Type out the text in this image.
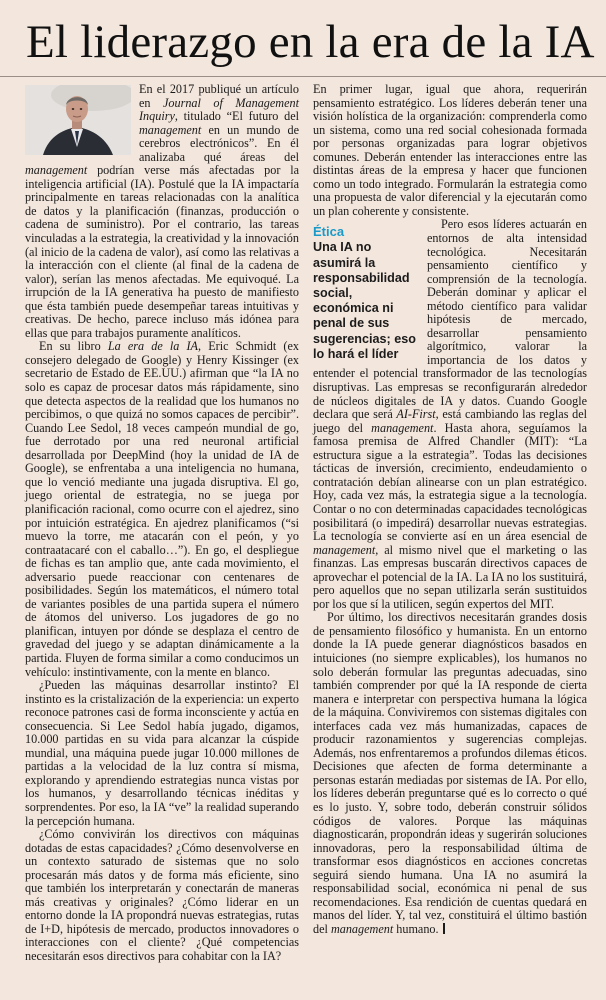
El liderazgo en la era de la IA

En el 2017 publiqué un artículo en Journal of Management Inquiry, titulado “El futuro del management en un mundo de cerebros electrónicos”. En él analizaba qué áreas del management podrían verse más afectadas por la inteligencia artificial (IA). Postulé que la IA impactaría principalmente en tareas relacionadas con la analítica de datos y la planificación (finanzas, producción o cadena de suministro). Por el contrario, las tareas vinculadas a la estrategia, la creatividad y la innovación (al inicio de la cadena de valor), así como las relativas a la interacción con el cliente (al final de la cadena de valor), serían las menos afectadas. Me equivoqué. La irrupción de la IA generativa ha puesto de manifiesto que ésta también puede desempeñar tareas intuitivas y creativas. De hecho, parece incluso más idónea para ellas que para trabajos puramente analíticos.

En su libro La era de la IA, Eric Schmidt (ex consejero delegado de Google) y Henry Kissinger (ex secretario de Estado de EE.UU.) afirman que “la IA no solo es capaz de procesar datos más rápidamente, sino que detecta aspectos de la realidad que los humanos no percibimos, o que quizá no somos capaces de percibir”. Cuando Lee Sedol, 18 veces campeón mundial de go, fue derrotado por una red neuronal artificial desarrollada por DeepMind (hoy la unidad de IA de Google), se enfrentaba a una inteligencia no humana, que lo venció mediante una jugada disruptiva. El go, juego oriental de estrategia, no se juega por planificación racional, como ocurre con el ajedrez, sino por intuición estratégica. En ajedrez planificamos (“si muevo la torre, me atacarán con el peón, y yo contraatacaré con el caballo…”). En go, el despliegue de fichas es tan amplio que, ante cada movimiento, el adversario puede reaccionar con centenares de posibilidades. Según los matemáticos, el número total de variantes posibles de una partida supera el número de átomos del universo. Los jugadores de go no planifican, intuyen por dónde se desplaza el centro de gravedad del juego y se adaptan dinámicamente a la partida. Fluyen de forma similar a como conducimos un vehículo: instintivamente, con la mente en blanco.

¿Pueden las máquinas desarrollar instinto? El instinto es la cristalización de la experiencia: un experto reconoce patrones casi de forma inconsciente y actúa en consecuencia. Si Lee Sedol había jugado, digamos, 10.000 partidas en su vida para alcanzar la cúspide mundial, una máquina puede jugar 10.000 millones de partidas a la velocidad de la luz contra sí misma, explorando y aprendiendo estrategias nunca vistas por los humanos, y desarrollando técnicas inéditas y sorprendentes. Por eso, la IA “ve” la realidad superando la percepción humana.

¿Cómo convivirán los directivos con máquinas dotadas de estas capacidades? ¿Cómo desenvolverse en un contexto saturado de sistemas que no solo procesarán más datos y de forma más eficiente, sino que también los interpretarán y conectarán de maneras más creativas y originales? ¿Cómo liderar en un entorno donde la IA propondrá nuevas estrategias, rutas de I+D, hipótesis de mercado, productos innovadores o interacciones con el cliente? ¿Qué competencias necesitarán esos directivos para cohabitar con la IA?

En primer lugar, igual que ahora, requerirán pensamiento estratégico. Los líderes deberán tener una visión holística de la organización: comprenderla como un sistema, como una red social cohesionada formada por personas organizadas para lograr objetivos comunes. Deberán entender las interacciones entre las distintas áreas de la empresa y hacer que funcionen como un todo integrado. Formularán la estrategia como una propuesta de valor diferencial y la ejecutarán como un plan coherente y consistente.

Ética
Una IA no asumirá la responsabilidad social, económica ni penal de sus sugerencias; eso lo hará el líder

Pero esos líderes actuarán en entornos de alta intensidad tecnológica. Necesitarán pensamiento científico y comprensión de la tecnología. Deberán dominar y aplicar el método científico para validar hipótesis de mercado, desarrollar pensamiento algorítmico, valorar la importancia de los datos y entender el potencial transformador de las tecnologías disruptivas. Las empresas se reconfigurarán alrededor de núcleos digitales de IA y datos. Cuando Google declara que será AI-First, está cambiando las reglas del juego del management. Hasta ahora, seguíamos la famosa premisa de Alfred Chandler (MIT): “La estructura sigue a la estrategia”. Todas las decisiones tácticas de inversión, crecimiento, endeudamiento o contratación debían alinearse con un plan estratégico. Hoy, cada vez más, la estrategia sigue a la tecnología. Contar o no con determinadas capacidades tecnológicas posibilitará (o impedirá) desarrollar nuevas estrategias. La tecnología se convierte así en un área esencial de management, al mismo nivel que el marketing o las finanzas. Las empresas buscarán directivos capaces de aprovechar el potencial de la IA. La IA no los sustituirá, pero aquellos que no sepan utilizarla serán sustituidos por los que sí la utilicen, según expertos del MIT.

Por último, los directivos necesitarán grandes dosis de pensamiento filosófico y humanista. En un entorno donde la IA puede generar diagnósticos basados en intuiciones (no siempre explicables), los humanos no solo deberán formular las preguntas adecuadas, sino también comprender por qué la IA responde de cierta manera e interpretar con perspectiva humana la lógica de la máquina. Conviviremos con sistemas digitales con interfaces cada vez más humanizadas, capaces de producir razonamientos y sugerencias complejas. Además, nos enfrentaremos a profundos dilemas éticos. Decisiones que afecten de forma determinante a personas estarán mediadas por sistemas de IA. Por ello, los líderes deberán preguntarse qué es lo correcto o qué es lo justo. Y, sobre todo, deberán construir sólidos códigos de valores. Porque las máquinas diagnosticarán, propondrán ideas y sugerirán soluciones innovadoras, pero la responsabilidad última de transformar esos diagnósticos en acciones concretas seguirá siendo humana. Una IA no asumirá la responsabilidad social, económica ni penal de sus recomendaciones. Esa rendición de cuentas quedará en manos del líder. Y, tal vez, constituirá el último bastión del management humano.
